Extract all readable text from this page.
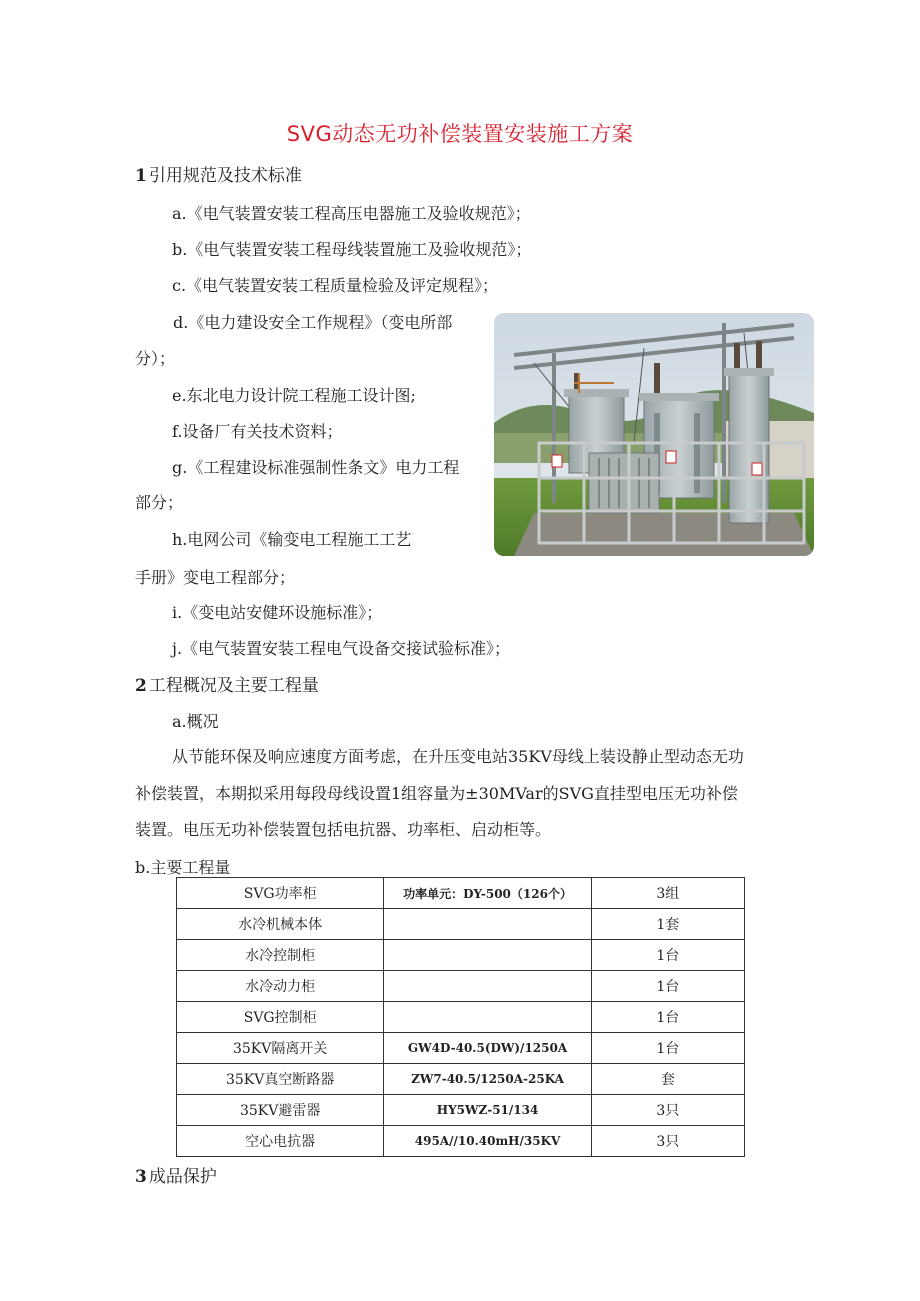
SVG动态无功补偿装置安装施工方案
1 引用规范及技术标准
a.《电气装置安装工程高压电器施工及验收规范》；
b.《电气装置安装工程母线装置施工及验收规范》；
c.《电气装置安装工程质量检验及评定规程》；
d.《电力建设安全工作规程》（变电所部
分）；
e.东北电力设计院工程施工设计图;
f.设备厂有关技术资料；
g.《工程建设标准强制性条文》电力工程
部分；
h.电网公司《输变电工程施工工艺
手册》变电工程部分；
i.《变电站安健环设施标准》；
j.《电气装置安装工程电气设备交接试验标准》；
2 工程概况及主要工程量
a.概况
从节能环保及响应速度方面考虑，在升压变电站35KV母线上装设静止型动态无功
补偿装置，本期拟采用每段母线设置1组容量为±30MVar的SVG直挂型电压无功补偿
装置。电压无功补偿装置包括电抗器、功率柜、启动柜等。
b.主要工程量
SVG功率柜	功率单元：DY-500（126个）	3组
水冷机械本体		1套
水冷控制柜		1台
水冷动力柜		1台
SVG控制柜		1台
35KV隔离开关	GW4D-40.5(DW)/1250A	1台
35KV真空断路器	ZW7-40.5/1250A-25KA	套
35KV避雷器	HY5WZ-51/134	3只
空心电抗器	495A//10.40mH/35KV	3只
3 成品保护
